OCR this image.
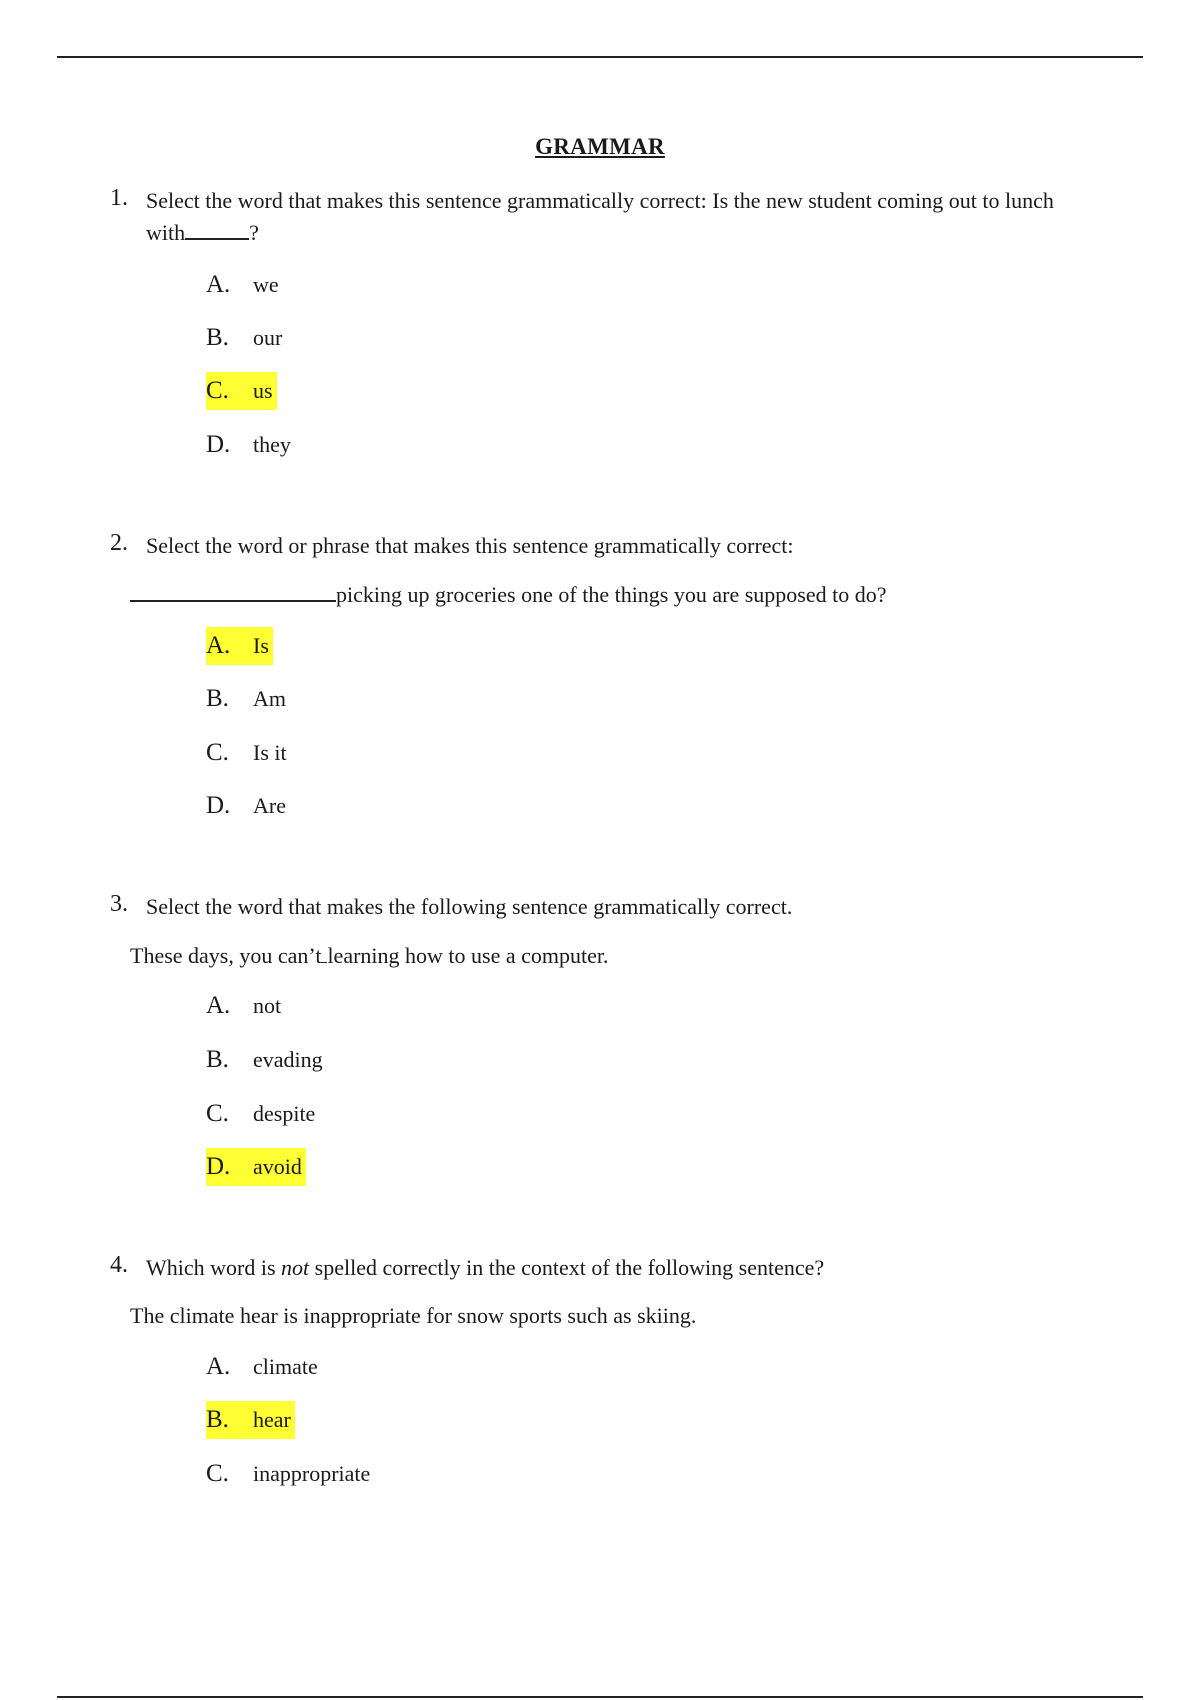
GRAMMAR
1. Select the word that makes this sentence grammatically correct: Is the new student coming out to lunch with	?
A.	we
B.	our
C.	us
D.	they
2. Select the word or phrase that makes this sentence grammatically correct:
picking up groceries one of the things you are supposed to do?
A.	Is
B.	Am
C.	Is it
D.	Are
3. Select the word that makes the following sentence grammatically correct.
These days, you can’t learning how to use a computer.
A.	not
B.	evading
C.	despite
D.	avoid
4. Which word is not spelled correctly in the context of the following sentence?
The climate hear is inappropriate for snow sports such as skiing.
A.	climate
B.	hear
C.	inappropriate
